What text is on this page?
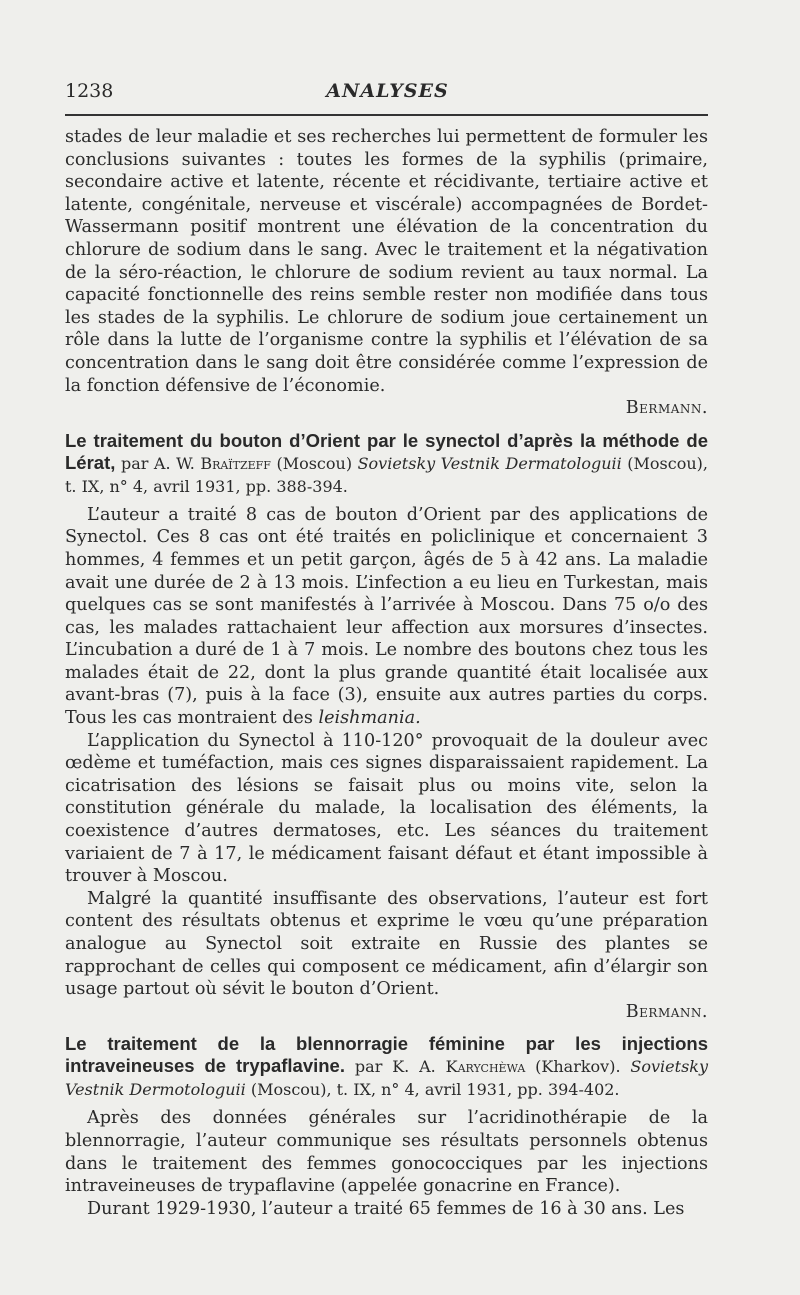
1238	ANALYSES

stades de leur maladie et ses recherches lui permettent de formuler les conclusions suivantes : toutes les formes de la syphilis (primaire, secondaire active et latente, récente et récidivante, tertiaire active et latente, congénitale, nerveuse et viscérale) accompagnées de Bordet-Wassermann positif montrent une élévation de la concentration du chlorure de sodium dans le sang. Avec le traitement et la négativation de la séro-réaction, le chlorure de sodium revient au taux normal. La capacité fonctionnelle des reins semble rester non modifiée dans tous les stades de la syphilis. Le chlorure de sodium joue certainement un rôle dans la lutte de l’organisme contre la syphilis et l’élévation de sa concentration dans le sang doit être considérée comme l’expression de la fonction défensive de l’économie.

Bermann.

Le traitement du bouton d’Orient par le synectol d’après la méthode de Lérat, par A. W. Braïtzeff (Moscou) Sovietsky Vestnik Dermatologuii (Moscou), t. IX, n° 4, avril 1931, pp. 388-394.

L’auteur a traité 8 cas de bouton d’Orient par des applications de Synectol. Ces 8 cas ont été traités en policlinique et concernaient 3 hommes, 4 femmes et un petit garçon, âgés de 5 à 42 ans. La maladie avait une durée de 2 à 13 mois. L’infection a eu lieu en Turkestan, mais quelques cas se sont manifestés à l’arrivée à Moscou. Dans 75 o/o des cas, les malades rattachaient leur affection aux morsures d’insectes. L’incubation a duré de 1 à 7 mois. Le nombre des boutons chez tous les malades était de 22, dont la plus grande quantité était localisée aux avant-bras (7), puis à la face (3), ensuite aux autres parties du corps. Tous les cas montraient des leishmania.

L’application du Synectol à 110-120° provoquait de la douleur avec œdème et tuméfaction, mais ces signes disparaissaient rapidement. La cicatrisation des lésions se faisait plus ou moins vite, selon la constitution générale du malade, la localisation des éléments, la coexistence d’autres dermatoses, etc. Les séances du traitement variaient de 7 à 17, le médicament faisant défaut et étant impossible à trouver à Moscou.

Malgré la quantité insuffisante des observations, l’auteur est fort content des résultats obtenus et exprime le vœu qu’une préparation analogue au Synectol soit extraite en Russie des plantes se rapprochant de celles qui composent ce médicament, afin d’élargir son usage partout où sévit le bouton d’Orient.

Bermann.

Le traitement de la blennorragie féminine par les injections intraveineuses de trypaflavine. par K. A. Karychèwa (Kharkov). Sovietsky Vestnik Dermotologuii (Moscou), t. IX, n° 4, avril 1931, pp. 394-402.

Après des données générales sur l’acridinothérapie de la blennorragie, l’auteur communique ses résultats personnels obtenus dans le traitement des femmes gonococciques par les injections intraveineuses de trypaflavine (appelée gonacrine en France).

Durant 1929-1930, l’auteur a traité 65 femmes de 16 à 30 ans. Les
